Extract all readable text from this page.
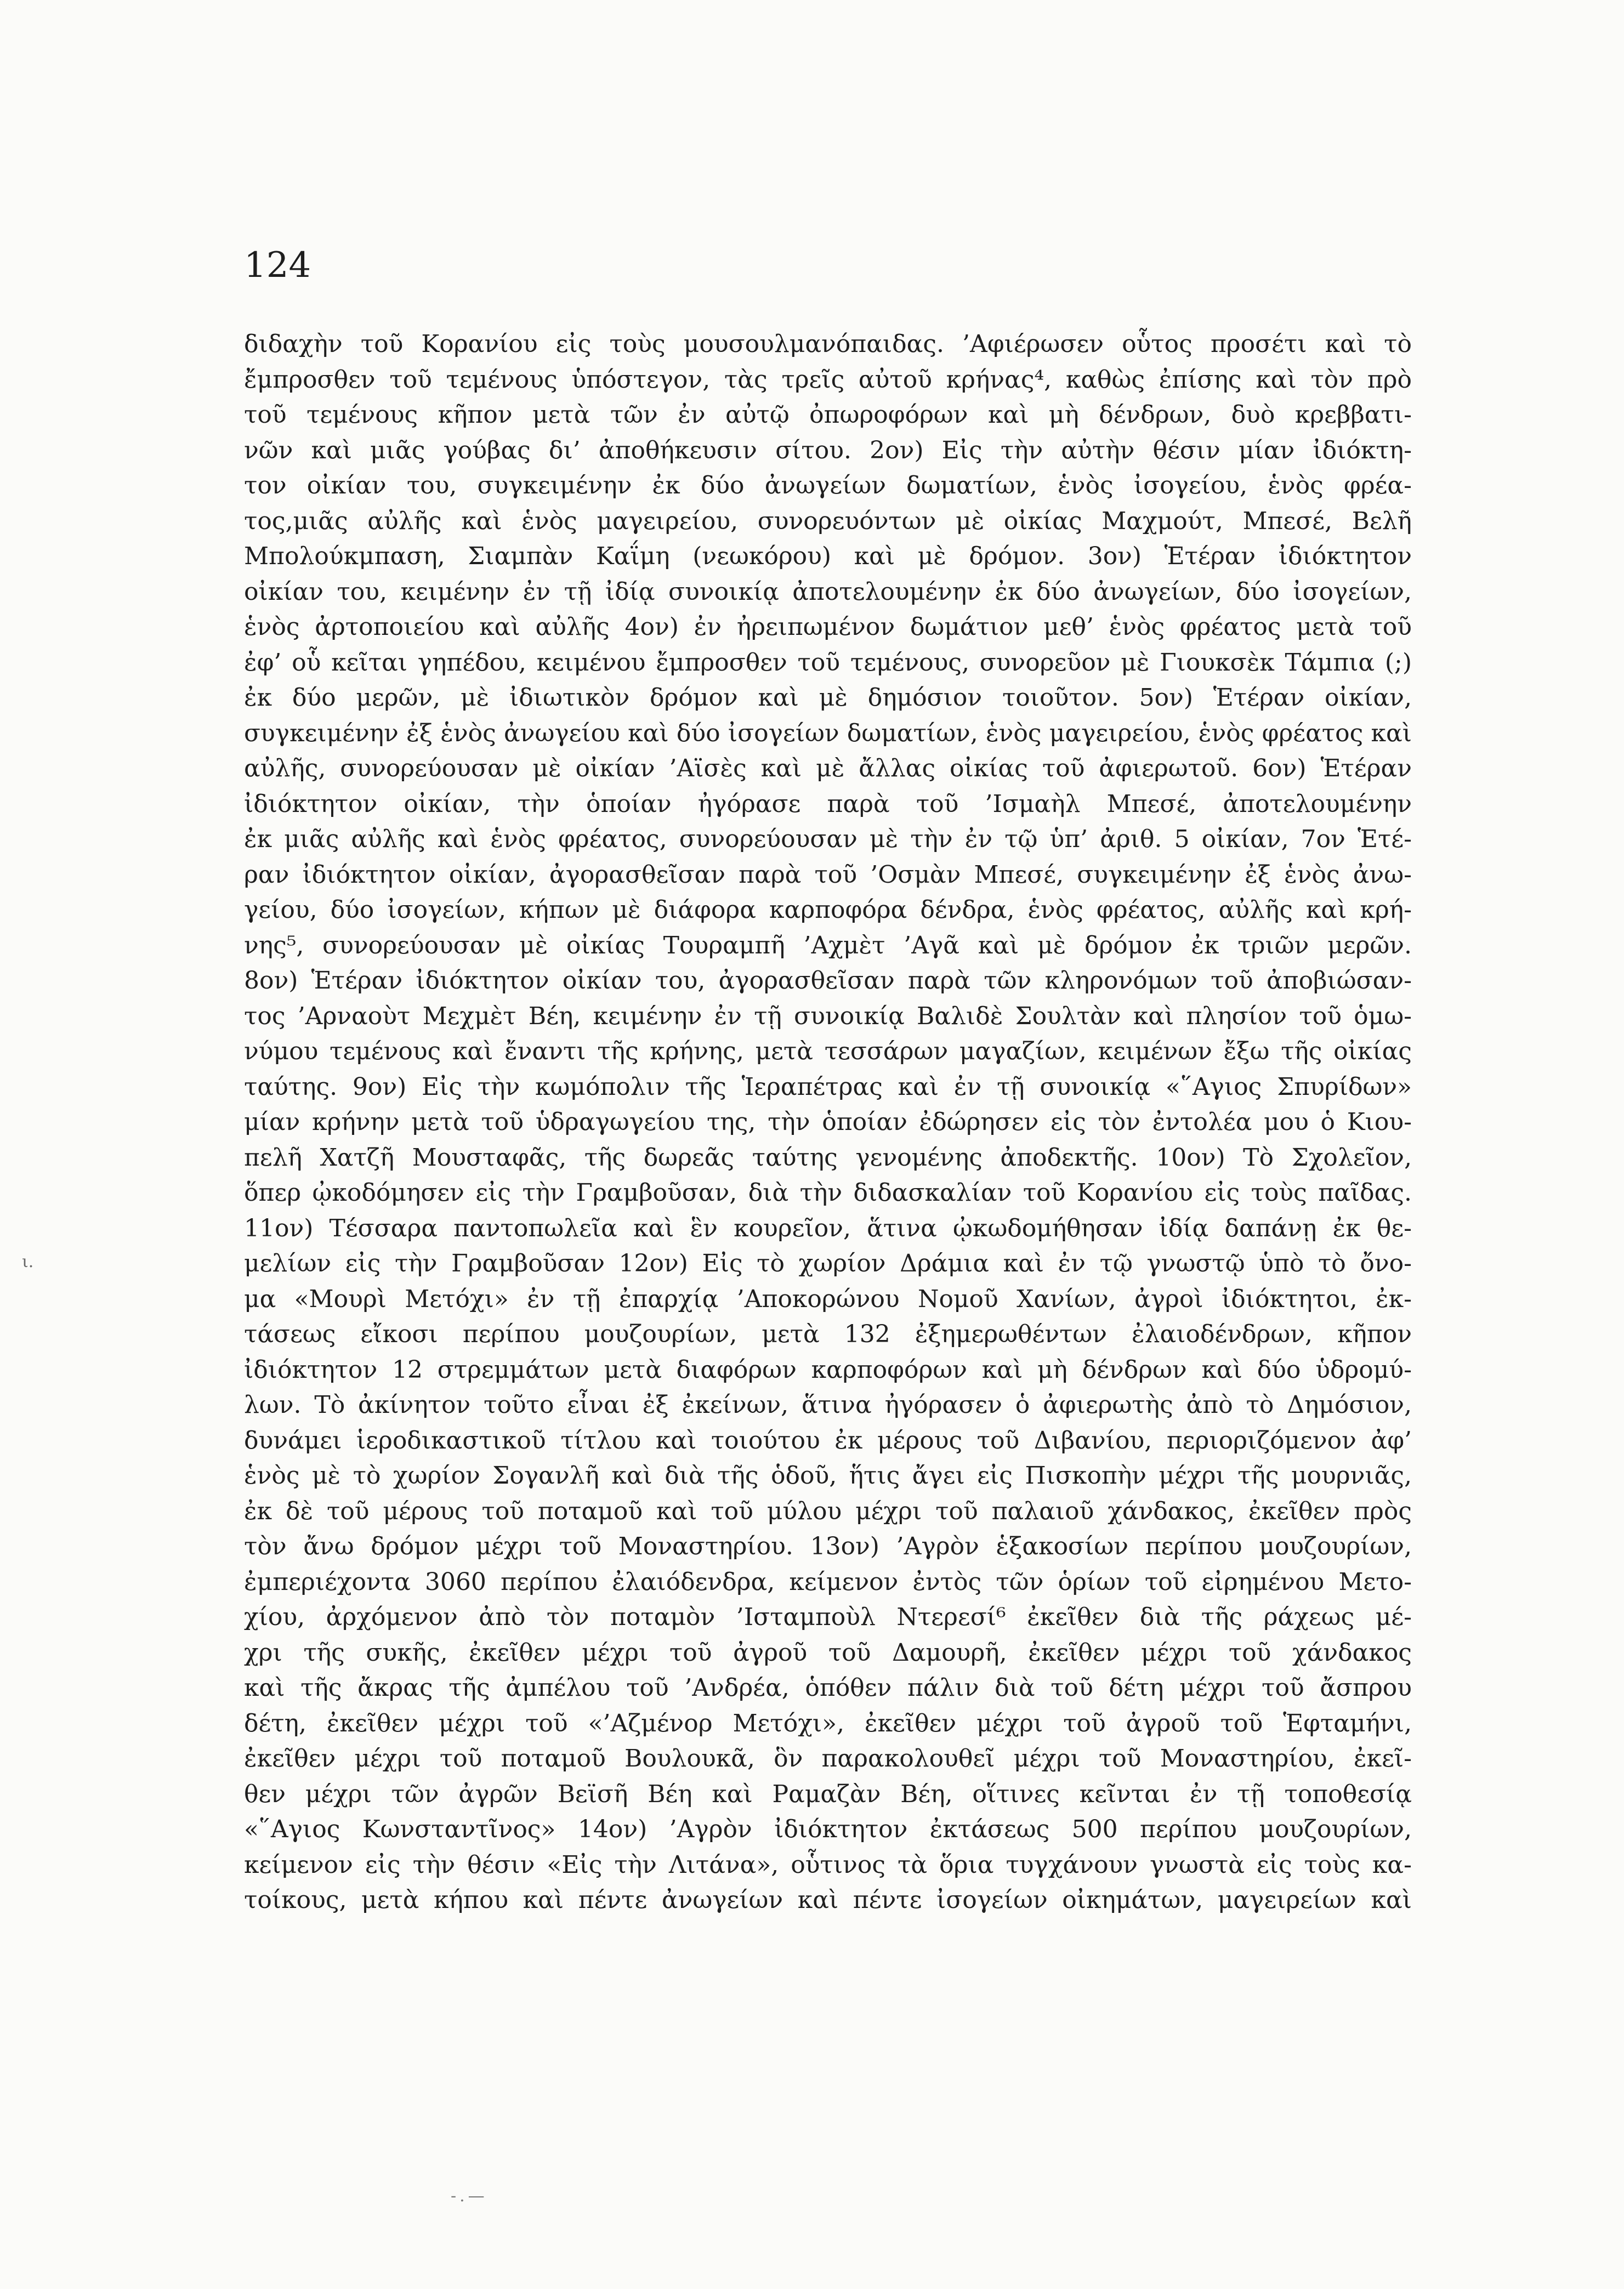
124
διδαχὴν τοῦ Κορανίου εἰς τοὺς μουσουλμανόπαιδας. ’Αφιέρωσεν οὗτος προσέτι καὶ τὸ
ἔμπροσθεν τοῦ τεμένους ὑπόστεγον, τὰς τρεῖς αὐτοῦ κρήνας⁴, καθὼς ἐπίσης καὶ τὸν πρὸ
τοῦ τεμένους κῆπον μετὰ τῶν ἐν αὐτῷ ὀπωροφόρων καὶ μὴ δένδρων, δυὸ κρεββατι-
νῶν καὶ μιᾶς γούβας δι’ ἀποθήκευσιν σίτου. 2ον) Εἰς τὴν αὐτὴν θέσιν μίαν ἰδιόκτη-
τον οἰκίαν του, συγκειμένην ἐκ δύο ἀνωγείων δωματίων, ἑνὸς ἰσογείου, ἑνὸς φρέα-
τος,μιᾶς αὐλῆς καὶ ἑνὸς μαγειρείου, συνορευόντων μὲ οἰκίας Μαχμούτ, Μπεσέ, Βελῆ
Μπολούκμπαση, Σιαμπὰν Καΐμη (νεωκόρου) καὶ μὲ δρόμον. 3ον) Ἑτέραν ἰδιόκτητον
οἰκίαν του, κειμένην ἐν τῇ ἰδίᾳ συνοικίᾳ ἀποτελουμένην ἐκ δύο ἀνωγείων, δύο ἰσογείων,
ἑνὸς ἀρτοποιείου καὶ αὐλῆς 4ον) ἐν ἠρειπωμένον δωμάτιον μεθ’ ἑνὸς φρέατος μετὰ τοῦ
ἐφ’ οὗ κεῖται γηπέδου, κειμένου ἔμπροσθεν τοῦ τεμένους, συνορεῦον μὲ Γιουκσὲκ Τάμπια (;)
ἐκ δύο μερῶν, μὲ ἰδιωτικὸν δρόμον καὶ μὲ δημόσιον τοιοῦτον. 5ον) Ἑτέραν οἰκίαν,
συγκειμένην ἐξ ἑνὸς ἀνωγείου καὶ δύο ἰσογείων δωματίων, ἑνὸς μαγειρείου, ἑνὸς φρέατος καὶ
αὐλῆς, συνορεύουσαν μὲ οἰκίαν ’Αϊσὲς καὶ μὲ ἄλλας οἰκίας τοῦ ἀφιερωτοῦ. 6ον) Ἑτέραν
ἰδιόκτητον οἰκίαν, τὴν ὁποίαν ἠγόρασε παρὰ τοῦ ’Ισμαὴλ Μπεσέ, ἀποτελουμένην
ἐκ μιᾶς αὐλῆς καὶ ἑνὸς φρέατος, συνορεύουσαν μὲ τὴν ἐν τῷ ὑπ’ ἀριθ. 5 οἰκίαν, 7ον Ἑτέ-
ραν ἰδιόκτητον οἰκίαν, ἀγορασθεῖσαν παρὰ τοῦ ’Οσμὰν Μπεσέ, συγκειμένην ἐξ ἑνὸς ἀνω-
γείου, δύο ἰσογείων, κήπων μὲ διάφορα καρποφόρα δένδρα, ἑνὸς φρέατος, αὐλῆς καὶ κρή-
νης⁵, συνορεύουσαν μὲ οἰκίας Τουραμπῆ ’Αχμὲτ ’Αγᾶ καὶ μὲ δρόμον ἐκ τριῶν μερῶν.
8ον) Ἑτέραν ἰδιόκτητον οἰκίαν του, ἀγορασθεῖσαν παρὰ τῶν κληρονόμων τοῦ ἀποβιώσαν-
τος ’Αρναοὺτ Μεχμὲτ Βέη, κειμένην ἐν τῇ συνοικίᾳ Βαλιδὲ Σουλτὰν καὶ πλησίον τοῦ ὁμω-
νύμου τεμένους καὶ ἔναντι τῆς κρήνης, μετὰ τεσσάρων μαγαζίων, κειμένων ἔξω τῆς οἰκίας
ταύτης. 9ον) Εἰς τὴν κωμόπολιν τῆς Ἱεραπέτρας καὶ ἐν τῇ συνοικίᾳ «῞Αγιος Σπυρίδων»
μίαν κρήνην μετὰ τοῦ ὑδραγωγείου της, τὴν ὁποίαν ἐδώρησεν εἰς τὸν ἐντολέα μου ὁ Κιου-
πελῆ Χατζῆ Μουσταφᾶς, τῆς δωρεᾶς ταύτης γενομένης ἀποδεκτῆς. 10ον) Τὸ Σχολεῖον,
ὅπερ ᾠκοδόμησεν εἰς τὴν Γραμβοῦσαν, διὰ τὴν διδασκαλίαν τοῦ Κορανίου εἰς τοὺς παῖδας.
11ον) Τέσσαρα παντοπωλεῖα καὶ ἓν κουρεῖον, ἅτινα ᾠκωδομήθησαν ἰδίᾳ δαπάνῃ ἐκ θε-
μελίων εἰς τὴν Γραμβοῦσαν 12ον) Εἰς τὸ χωρίον Δράμια καὶ ἐν τῷ γνωστῷ ὑπὸ τὸ ὄνο-
μα «Μουρὶ Μετόχι» ἐν τῇ ἐπαρχίᾳ ’Αποκορώνου Νομοῦ Χανίων, ἀγροὶ ἰδιόκτητοι, ἐκ-
τάσεως εἴκοσι περίπου μουζουρίων, μετὰ 132 ἐξημερωθέντων ἐλαιοδένδρων, κῆπον
ἰδιόκτητον 12 στρεμμάτων μετὰ διαφόρων καρποφόρων καὶ μὴ δένδρων καὶ δύο ὑδρομύ-
λων. Τὸ ἀκίνητον τοῦτο εἶναι ἐξ ἐκείνων, ἅτινα ἠγόρασεν ὁ ἀφιερωτὴς ἀπὸ τὸ Δημόσιον,
δυνάμει ἱεροδικαστικοῦ τίτλου καὶ τοιούτου ἐκ μέρους τοῦ Διβανίου, περιοριζόμενον ἀφ’
ἑνὸς μὲ τὸ χωρίον Σογανλῆ καὶ διὰ τῆς ὁδοῦ, ἥτις ἄγει εἰς Πισκοπὴν μέχρι τῆς μουρνιᾶς,
ἐκ δὲ τοῦ μέρους τοῦ ποταμοῦ καὶ τοῦ μύλου μέχρι τοῦ παλαιοῦ χάνδακος, ἐκεῖθεν πρὸς
τὸν ἄνω δρόμον μέχρι τοῦ Μοναστηρίου. 13ον) ’Αγρὸν ἑξακοσίων περίπου μουζουρίων,
ἐμπεριέχοντα 3060 περίπου ἐλαιόδενδρα, κείμενον ἐντὸς τῶν ὁρίων τοῦ εἰρημένου Μετο-
χίου, ἀρχόμενον ἀπὸ τὸν ποταμὸν ’Ισταμποὺλ Ντερεσί⁶ ἐκεῖθεν διὰ τῆς ράχεως μέ-
χρι τῆς συκῆς, ἐκεῖθεν μέχρι τοῦ ἀγροῦ τοῦ Δαμουρῆ, ἐκεῖθεν μέχρι τοῦ χάνδακος
καὶ τῆς ἄκρας τῆς ἀμπέλου τοῦ ’Ανδρέα, ὁπόθεν πάλιν διὰ τοῦ δέτη μέχρι τοῦ ἄσπρου
δέτη, ἐκεῖθεν μέχρι τοῦ «’Αζμένορ Μετόχι», ἐκεῖθεν μέχρι τοῦ ἀγροῦ τοῦ Ἑφταμήνι,
ἐκεῖθεν μέχρι τοῦ ποταμοῦ Βουλουκᾶ, ὃν παρακολουθεῖ μέχρι τοῦ Μοναστηρίου, ἐκεῖ-
θεν μέχρι τῶν ἀγρῶν Βεϊσῆ Βέη καὶ Ραμαζὰν Βέη, οἵτινες κεῖνται ἐν τῇ τοποθεσίᾳ
«῞Αγιος Κωνσταντῖνος» 14ον) ’Αγρὸν ἰδιόκτητον ἐκτάσεως 500 περίπου μουζουρίων,
κείμενον εἰς τὴν θέσιν «Εἰς τὴν Λιτάνα», οὗτινος τὰ ὅρια τυγχάνουν γνωστὰ εἰς τοὺς κα-
τοίκους, μετὰ κήπου καὶ πέντε ἀνωγείων καὶ πέντε ἰσογείων οἰκημάτων, μαγειρείων καὶ
ι.
-.—
